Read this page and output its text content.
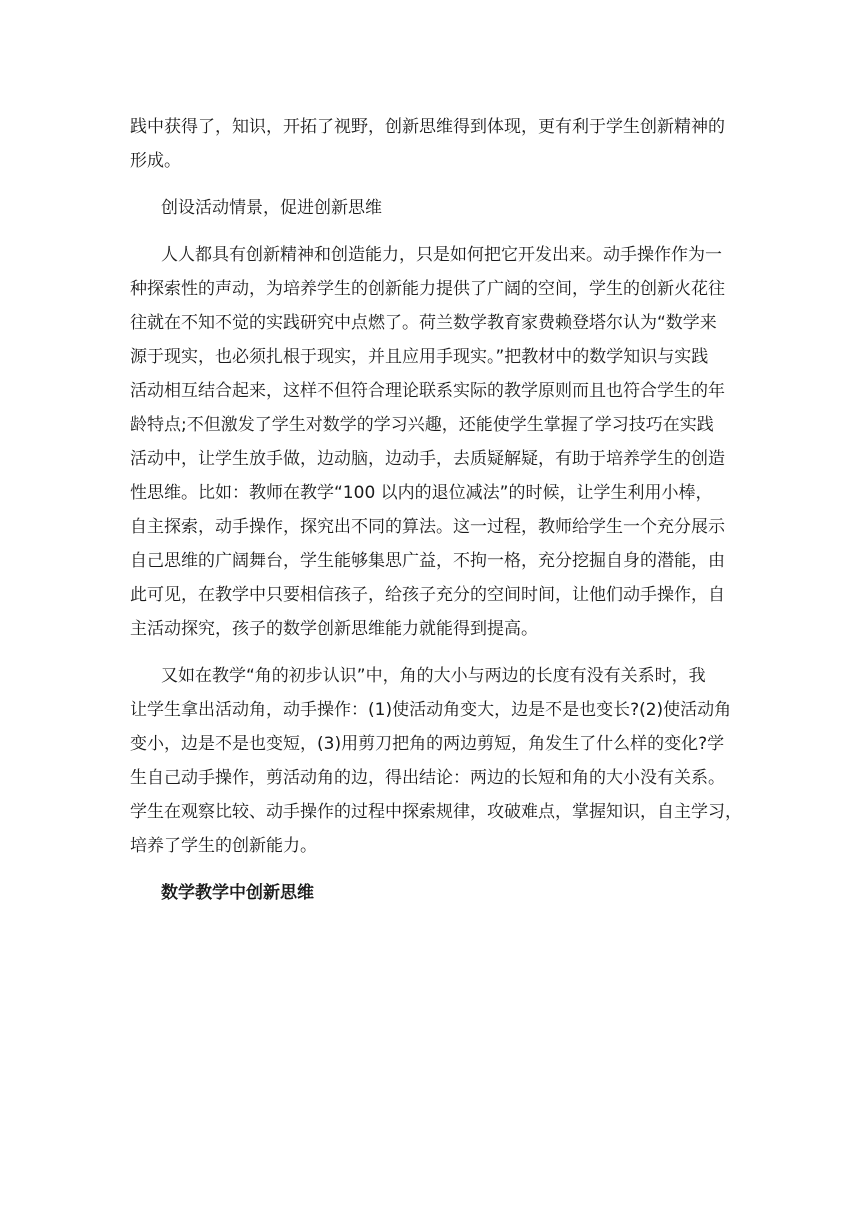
践中获得了，知识，开拓了视野，创新思维得到体现，更有利于学生创新精神的

形成。

创设活动情景，促进创新思维

人人都具有创新精神和创造能力，只是如何把它开发出来。动手操作作为一

种探索性的声动，为培养学生的创新能力提供了广阔的空间，学生的创新火花往

往就在不知不觉的实践研究中点燃了。荷兰数学教育家费赖登塔尔认为“数学来

源于现实，也必须扎根于现实，并且应用手现实。”把教材中的数学知识与实践

活动相互结合起来，这样不但符合理论联系实际的教学原则而且也符合学生的年

龄特点;不但激发了学生对数学的学习兴趣，还能使学生掌握了学习技巧在实践

活动中，让学生放手做，边动脑，边动手，去质疑解疑，有助于培养学生的创造

性思维。比如：教师在教学“100 以内的退位减法”的时候，让学生利用小棒，

自主探索，动手操作，探究出不同的算法。这一过程，教师给学生一个充分展示

自己思维的广阔舞台，学生能够集思广益，不拘一格，充分挖掘自身的潜能，由

此可见，在教学中只要相信孩子，给孩子充分的空间时间，让他们动手操作，自

主活动探究，孩子的数学创新思维能力就能得到提高。

又如在教学“角的初步认识”中，角的大小与两边的长度有没有关系时，我

让学生拿出活动角，动手操作：(1)使活动角变大，边是不是也变长?(2)使活动角

变小，边是不是也变短，(3)用剪刀把角的两边剪短，角发生了什么样的变化?学

生自己动手操作，剪活动角的边，得出结论：两边的长短和角的大小没有关系。

学生在观察比较、动手操作的过程中探索规律，攻破难点，掌握知识，自主学习，

培养了学生的创新能力。

数学教学中创新思维
